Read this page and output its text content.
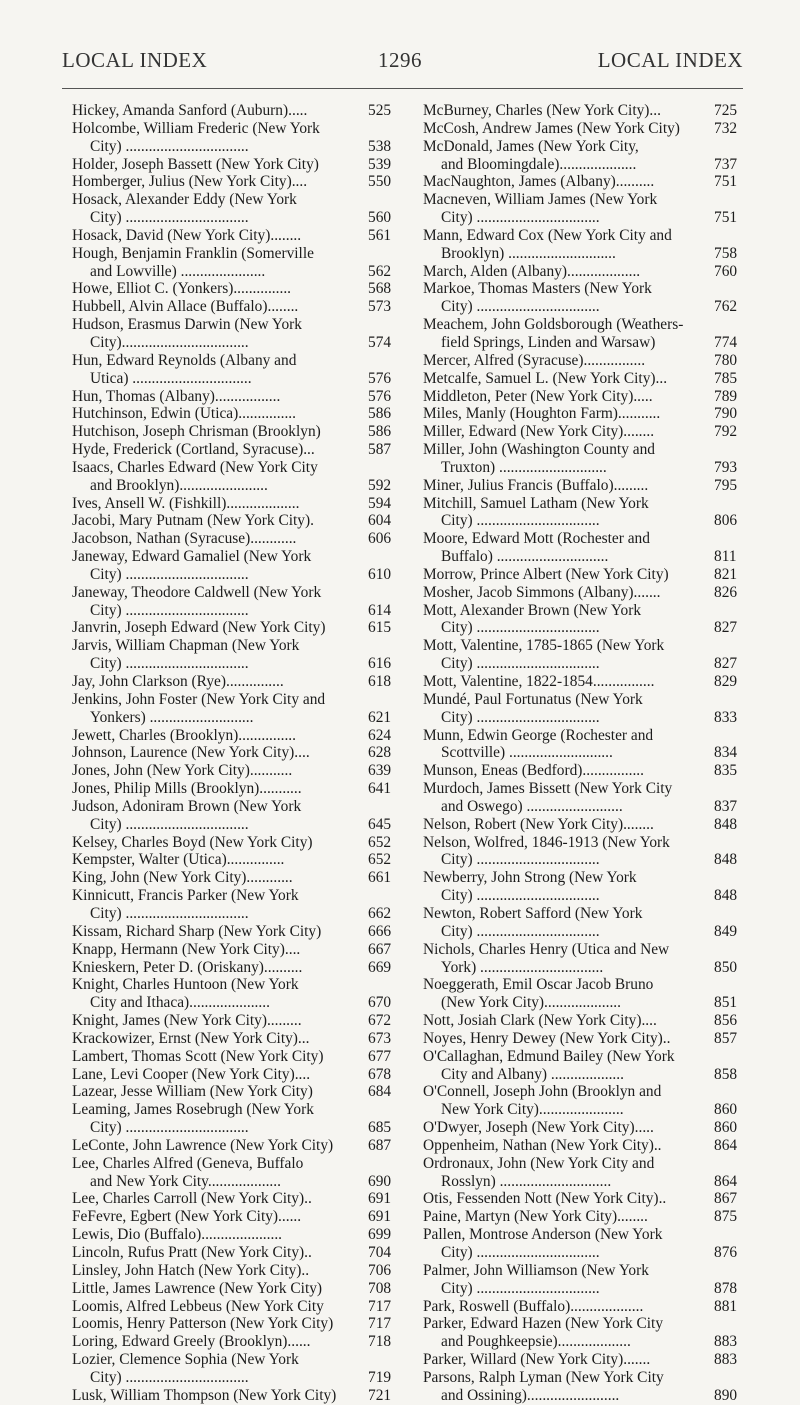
LOCAL INDEX	1296	LOCAL INDEX
Hickey, Amanda Sanford (Auburn).....	525
Holcombe, William Frederic (New York
City) ................................	538
Holder, Joseph Bassett (New York City)	539
Homberger, Julius (New York City)....	550
Hosack, Alexander Eddy (New York
City) ................................	560
Hosack, David (New York City)........	561
Hough, Benjamin Franklin (Somerville
and Lowville) ......................	562
Howe, Elliot C. (Yonkers)...............	568
Hubbell, Alvin Allace (Buffalo)........	573
Hudson, Erasmus Darwin (New York
City).................................	574
Hun, Edward Reynolds (Albany and
Utica) ...............................	576
Hun, Thomas (Albany).................	576
Hutchinson, Edwin (Utica)...............	586
Hutchison, Joseph Chrisman (Brooklyn)	586
Hyde, Frederick (Cortland, Syracuse)...	587
Isaacs, Charles Edward (New York City
and Brooklyn).......................	592
Ives, Ansell W. (Fishkill)...................	594
Jacobi, Mary Putnam (New York City).	604
Jacobson, Nathan (Syracuse)............	606
Janeway, Edward Gamaliel (New York
City) ................................	610
Janeway, Theodore Caldwell (New York
City) ................................	614
Janvrin, Joseph Edward (New York City)	615
Jarvis, William Chapman (New York
City) ................................	616
Jay, John Clarkson (Rye)...............	618
Jenkins, John Foster (New York City and
Yonkers) ...........................	621
Jewett, Charles (Brooklyn)...............	624
Johnson, Laurence (New York City)....	628
Jones, John (New York City)...........	639
Jones, Philip Mills (Brooklyn)...........	641
Judson, Adoniram Brown (New York
City) ................................	645
Kelsey, Charles Boyd (New York City)	652
Kempster, Walter (Utica)...............	652
King, John (New York City)............	661
Kinnicutt, Francis Parker (New York
City) ................................	662
Kissam, Richard Sharp (New York City)	666
Knapp, Hermann (New York City)....	667
Knieskern, Peter D. (Oriskany)..........	669
Knight, Charles Huntoon (New York
City and Ithaca).....................	670
Knight, James (New York City).........	672
Krackowizer, Ernst (New York City)...	673
Lambert, Thomas Scott (New York City)	677
Lane, Levi Cooper (New York City)....	678
Lazear, Jesse William (New York City)	684
Leaming, James Rosebrugh (New York
City) ................................	685
LeConte, John Lawrence (New York City)	687
Lee, Charles Alfred (Geneva, Buffalo
and New York City...................	690
Lee, Charles Carroll (New York City)..	691
FeFevre, Egbert (New York City)......	691
Lewis, Dio (Buffalo).....................	699
Lincoln, Rufus Pratt (New York City)..	704
Linsley, John Hatch (New York City)..	706
Little, James Lawrence (New York City)	708
Loomis, Alfred Lebbeus (New York City	717
Loomis, Henry Patterson (New York City)	717
Loring, Edward Greely (Brooklyn)......	718
Lozier, Clemence Sophia (New York
City) ................................	719
Lusk, William Thompson (New York City)	721
McBurney, Charles (New York City)...	725
McCosh, Andrew James (New York City)	732
McDonald, James (New York City,
and Bloomingdale)....................	737
MacNaughton, James (Albany)..........	751
Macneven, William James (New York
City) ................................	751
Mann, Edward Cox (New York City and
Brooklyn) ............................	758
March, Alden (Albany)...................	760
Markoe, Thomas Masters (New York
City) ................................	762
Meachem, John Goldsborough (Weathers-
field Springs, Linden and Warsaw)	774
Mercer, Alfred (Syracuse)................	780
Metcalfe, Samuel L. (New York City)...	785
Middleton, Peter (New York City).....	789
Miles, Manly (Houghton Farm)...........	790
Miller, Edward (New York City)........	792
Miller, John (Washington County and
Truxton) ............................	793
Miner, Julius Francis (Buffalo).........	795
Mitchill, Samuel Latham (New York
City) ................................	806
Moore, Edward Mott (Rochester and
Buffalo) .............................	811
Morrow, Prince Albert (New York City)	821
Mosher, Jacob Simmons (Albany).......	826
Mott, Alexander Brown (New York
City) ................................	827
Mott, Valentine, 1785-1865 (New York
City) ................................	827
Mott, Valentine, 1822-1854................	829
Mundé, Paul Fortunatus (New York
City) ................................	833
Munn, Edwin George (Rochester and
Scottville) ...........................	834
Munson, Eneas (Bedford)................	835
Murdoch, James Bissett (New York City
and Oswego) .........................	837
Nelson, Robert (New York City)........	848
Nelson, Wolfred, 1846-1913 (New York
City) ................................	848
Newberry, John Strong (New York
City) ................................	848
Newton, Robert Safford (New York
City) ................................	849
Nichols, Charles Henry (Utica and New
York) ................................	850
Noeggerath, Emil Oscar Jacob Bruno
(New York City)....................	851
Nott, Josiah Clark (New York City)....	856
Noyes, Henry Dewey (New York City)..	857
O'Callaghan, Edmund Bailey (New York
City and Albany) ...................	858
O'Connell, Joseph John (Brooklyn and
New York City)......................	860
O'Dwyer, Joseph (New York City).....	860
Oppenheim, Nathan (New York City)..	864
Ordronaux, John (New York City and
Rosslyn) .............................	864
Otis, Fessenden Nott (New York City)..	867
Paine, Martyn (New York City)........	875
Pallen, Montrose Anderson (New York
City) ................................	876
Palmer, John Williamson (New York
City) ................................	878
Park, Roswell (Buffalo)...................	881
Parker, Edward Hazen (New York City
and Poughkeepsie)...................	883
Parker, Willard (New York City).......	883
Parsons, Ralph Lyman (New York City
and Ossining)........................	890
